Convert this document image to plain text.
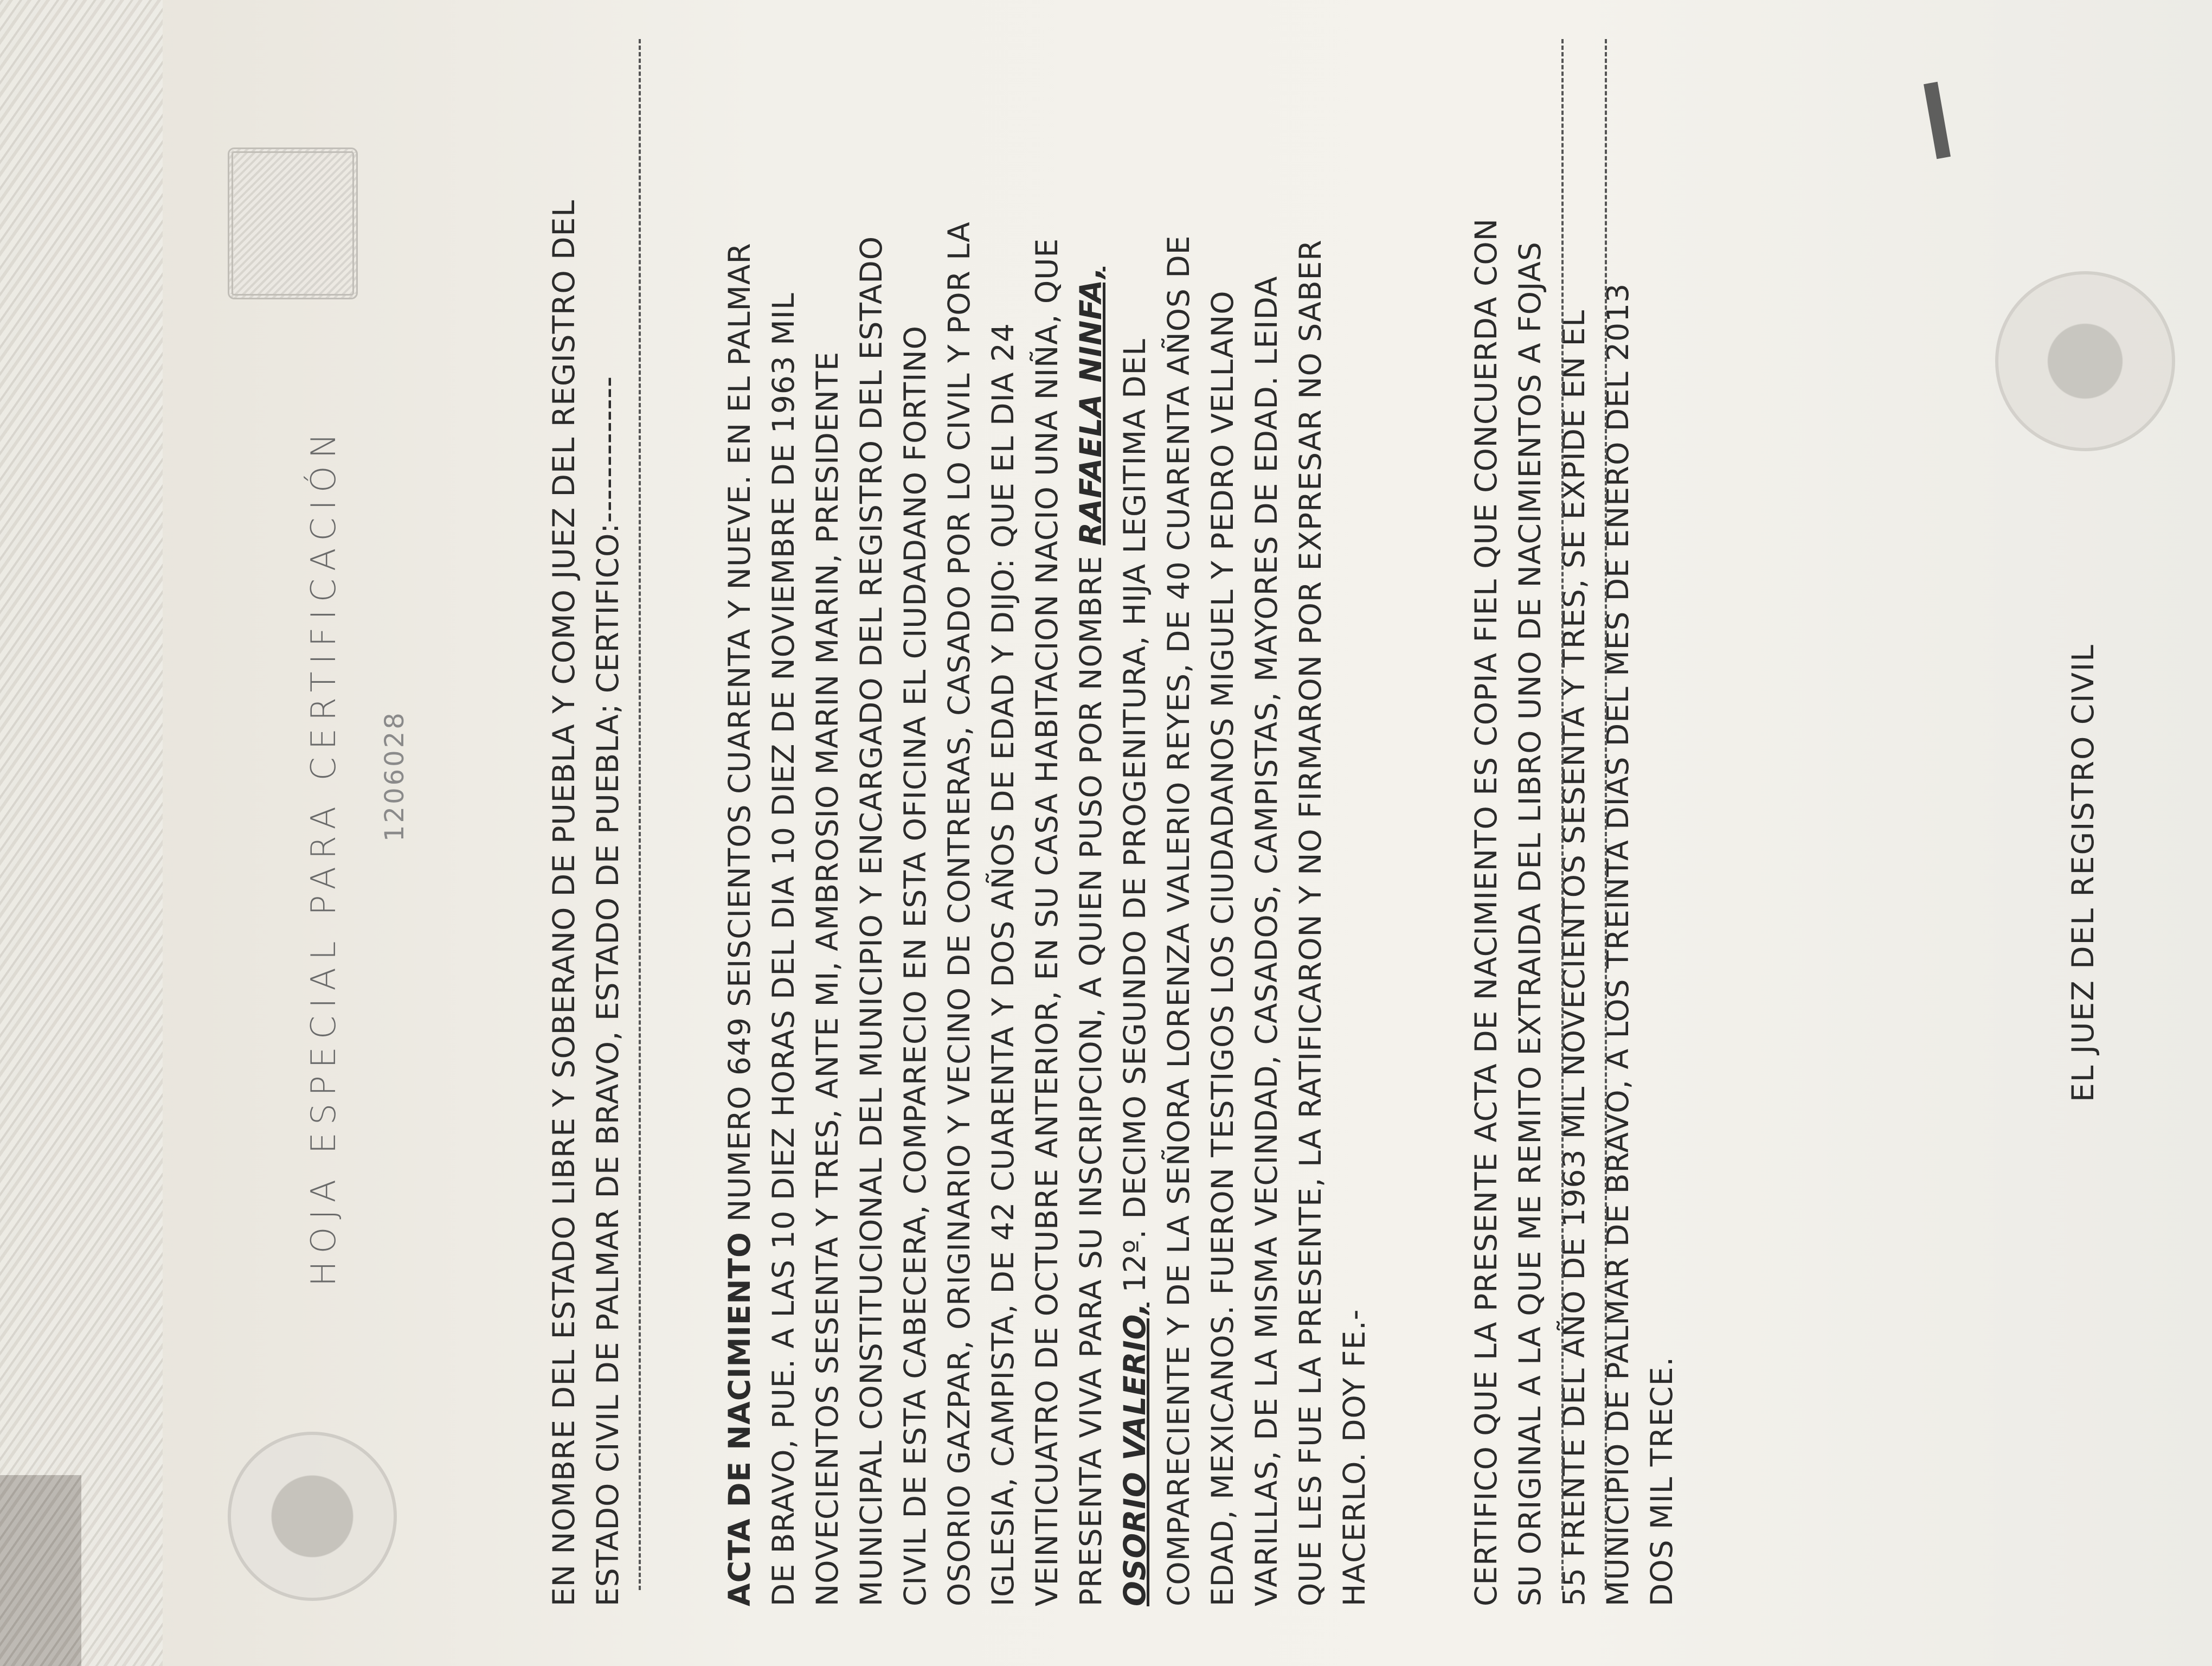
HOJA ESPECIAL PARA CERTIFICACIÓN 1206028	EN NOMBRE DEL ESTADO LIBRE Y SOBERANO DE PUEBLA Y COMO JUEZ DEL REGISTRO DEL ESTADO CIVIL DE PALMAR DE BRAVO, ESTADO DE PUEBLA; CERTIFICO:-------------

	ACTA DE NACIMIENTO NUMERO 649 SEISCIENTOS CUARENTA Y NUEVE. EN EL PALMAR DE BRAVO, PUE. A LAS 10 DIEZ HORAS DEL DIA 10 DIEZ DE NOVIEMBRE DE 1963 MIL NOVECIENTOS SESENTA Y TRES, ANTE MI, AMBROSIO MARIN MARIN, PRESIDENTE MUNICIPAL CONSTITUCIONAL DEL MUNICIPIO Y ENCARGADO DEL REGISTRO DEL ESTADO CIVIL DE ESTA CABECERA, COMPARECIO EN ESTA OFICINA EL CIUDADANO FORTINO OSORIO GAZPAR, ORIGINARIO Y VECINO DE CONTRERAS, CASADO POR LO CIVIL Y POR LA IGLESIA, CAMPISTA, DE 42 CUARENTA Y DOS AÑOS DE EDAD Y DIJO: QUE EL DIA 24 VEINTICUATRO DE OCTUBRE ANTERIOR, EN SU CASA HABITACION NACIO UNA NIÑA, QUE PRESENTA VIVA PARA SU INSCRIPCION, A QUIEN PUSO POR NOMBRE RAFAELA NINFA,
OSORIO VALERIO, 12º. DECIMO SEGUNDO DE PROGENITURA, HIJA LEGITIMA DEL COMPARECIENTE Y DE LA SEÑORA LORENZA VALERIO REYES, DE 40 CUARENTA AÑOS DE EDAD, MEXICANOS. FUERON TESTIGOS LOS CIUDADANOS MIGUEL Y PEDRO VELLANO VARILLAS, DE LA MISMA VECINDAD, CASADOS, CAMPISTAS, MAYORES DE EDAD. LEIDA QUE LES FUE LA PRESENTE, LA RATIFICARON Y NO FIRMARON POR EXPRESAR NO SABER HACERLO. DOY FE.-

	CERTIFICO QUE LA PRESENTE ACTA DE NACIMIENTO ES COPIA FIEL QUE CONCUERDA CON SU ORIGINAL A LA QUE ME REMITO EXTRAIDA DEL LIBRO UNO DE NACIMIENTOS A FOJAS 55 FRENTE DEL AÑO DE 1963 MIL NOVECIENTOS SESENTA Y TRES, SE EXPIDE EN EL MUNICIPIO DE PALMAR DE BRAVO, A LOS TREINTA DIAS DEL MES DE ENERO DEL 2013 DOS MIL TRECE.
EL JUEZ DEL REGISTRO CIVIL
